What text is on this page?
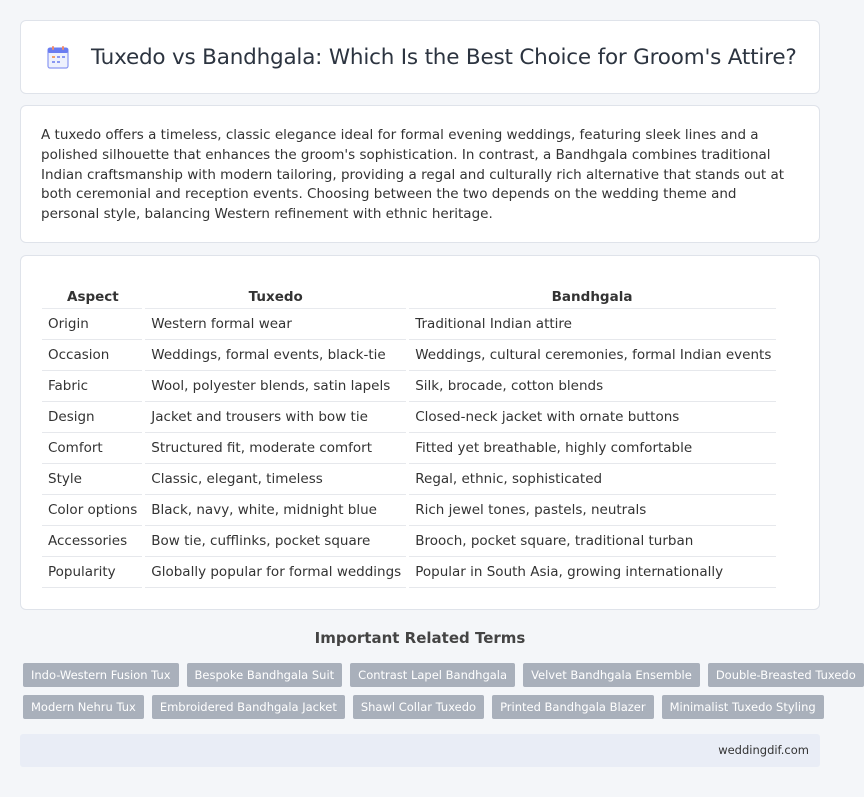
Tuxedo vs Bandhgala: Which Is the Best Choice for Groom's Attire?

A tuxedo offers a timeless, classic elegance ideal for formal evening weddings, featuring sleek lines and a polished silhouette that enhances the groom's sophistication. In contrast, a Bandhgala combines traditional Indian craftsmanship with modern tailoring, providing a regal and culturally rich alternative that stands out at both ceremonial and reception events. Choosing between the two depends on the wedding theme and personal style, balancing Western refinement with ethnic heritage.

Aspect	Tuxedo	Bandhgala
Origin	Western formal wear	Traditional Indian attire
Occasion	Weddings, formal events, black-tie	Weddings, cultural ceremonies, formal Indian events
Fabric	Wool, polyester blends, satin lapels	Silk, brocade, cotton blends
Design	Jacket and trousers with bow tie	Closed-neck jacket with ornate buttons
Comfort	Structured fit, moderate comfort	Fitted yet breathable, highly comfortable
Style	Classic, elegant, timeless	Regal, ethnic, sophisticated
Color options	Black, navy, white, midnight blue	Rich jewel tones, pastels, neutrals
Accessories	Bow tie, cufflinks, pocket square	Brooch, pocket square, traditional turban
Popularity	Globally popular for formal weddings	Popular in South Asia, growing internationally
Important Related Terms
Indo-Western Fusion Tux	Bespoke Bandhgala Suit	Contrast Lapel Bandhgala	Velvet Bandhgala Ensemble	Double-Breasted Tuxedo
Modern Nehru Tux	Embroidered Bandhgala Jacket	Shawl Collar Tuxedo	Printed Bandhgala Blazer	Minimalist Tuxedo Styling
weddingdif.com
